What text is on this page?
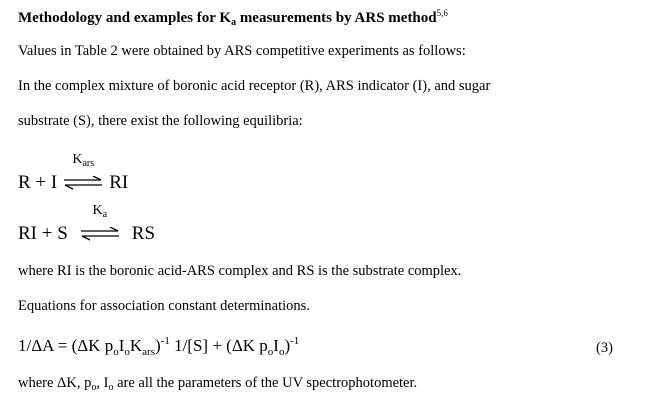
Methodology and examples for $K_a$ measurements by ARS method$^{5,6}$
Values in Table 2 were obtained by ARS competitive experiments as follows:
In the complex mixture of boronic acid receptor (R), ARS indicator (I), and sugar
substrate (S), there exist the following equilibria:
R + I
$K_{ars}$
RI
RI + S
$K_a$
RS
where RI is the boronic acid-ARS complex and RS is the substrate complex.
Equations for association constant determinations.
1/ΔA = (ΔK $p_oI_oK_{ars})^{-1}$ 1/[S] + (ΔK $p_oI_o)^{-1}$	(3)
where ΔK, $p_o$, $I_o$ are all the parameters of the UV spectrophotometer.
